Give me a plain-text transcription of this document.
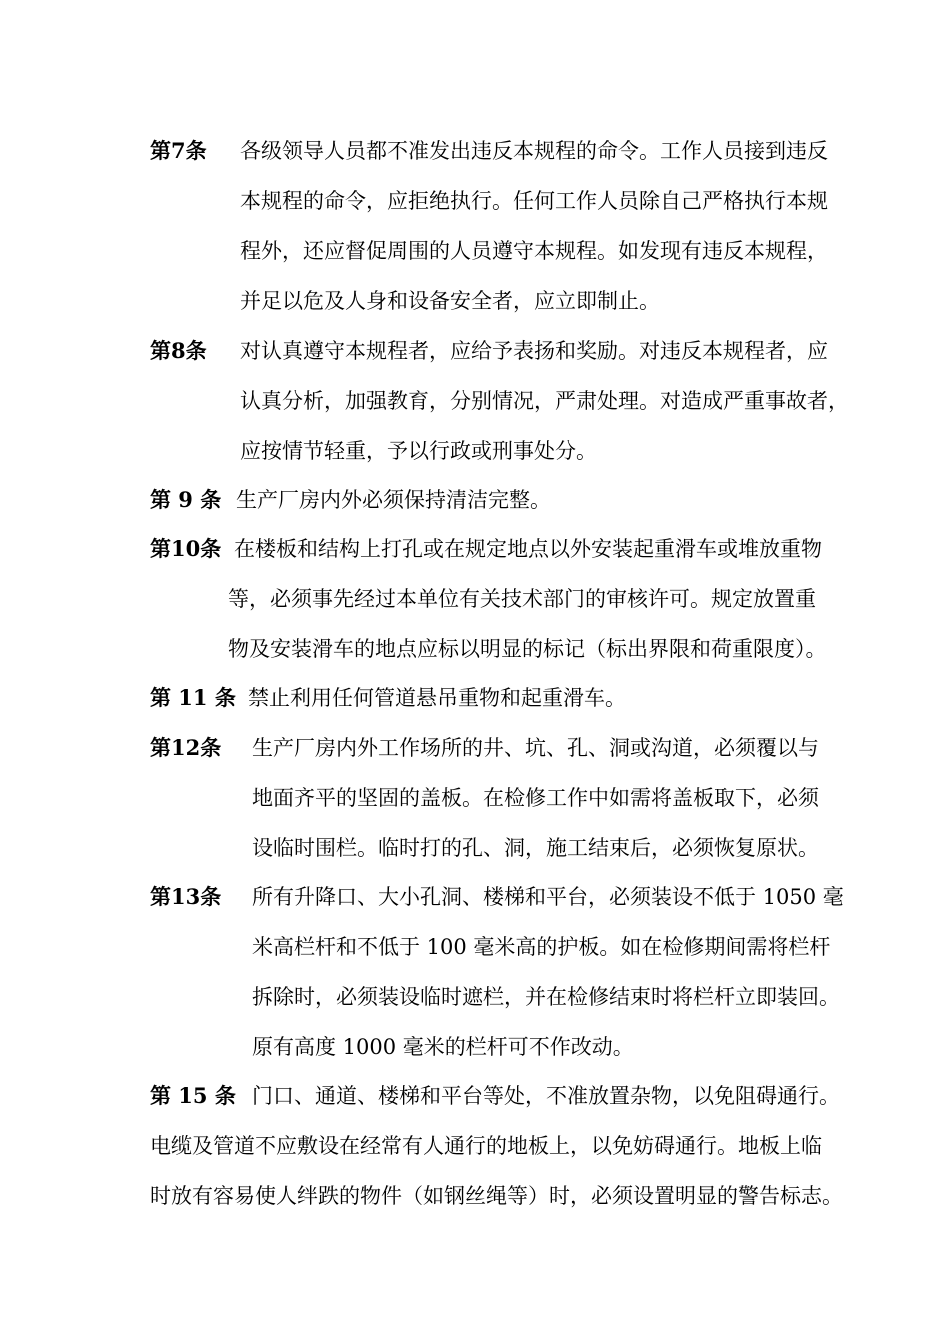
第7条 各级领导人员都不准发出违反本规程的命令。工作人员接到违反
本规程的命令，应拒绝执行。任何工作人员除自己严格执行本规
程外，还应督促周围的人员遵守本规程。如发现有违反本规程，
并足以危及人身和设备安全者，应立即制止。
第8条 对认真遵守本规程者，应给予表扬和奖励。对违反本规程者，应
认真分析，加强教育，分别情况，严肃处理。对造成严重事故者，
应按情节轻重，予以行政或刑事处分。
第 9 条 生产厂房内外必须保持清洁完整。
第10条 在楼板和结构上打孔或在规定地点以外安装起重滑车或堆放重物
等，必须事先经过本单位有关技术部门的审核许可。规定放置重
物及安装滑车的地点应标以明显的标记（标出界限和荷重限度）。
第 11 条 禁止利用任何管道悬吊重物和起重滑车。
第12条 生产厂房内外工作场所的井、坑、孔、洞或沟道，必须覆以与
地面齐平的坚固的盖板。在检修工作中如需将盖板取下，必须
设临时围栏。临时打的孔、洞，施工结束后，必须恢复原状。
第13条 所有升降口、大小孔洞、楼梯和平台，必须装设不低于 1050 毫
米高栏杆和不低于 100 毫米高的护板。如在检修期间需将栏杆
拆除时，必须装设临时遮栏，并在检修结束时将栏杆立即装回。
原有高度 1000 毫米的栏杆可不作改动。
第 15 条 门口、通道、楼梯和平台等处，不准放置杂物，以免阻碍通行。
电缆及管道不应敷设在经常有人通行的地板上，以免妨碍通行。地板上临
时放有容易使人绊跌的物件（如钢丝绳等）时，必须设置明显的警告标志。
